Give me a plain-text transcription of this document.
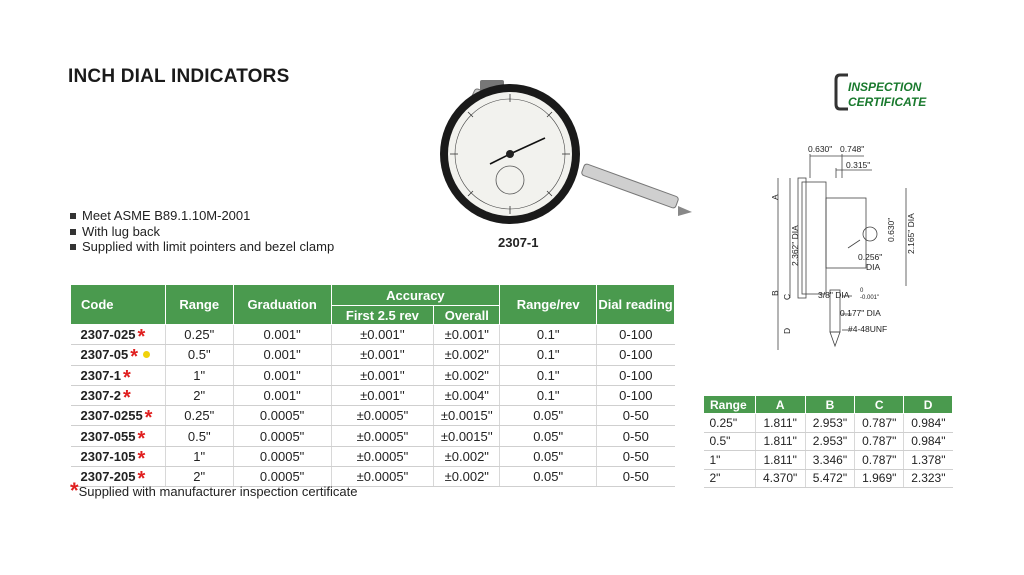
INCH DIAL INDICATORS	INSPECTION
CERTIFICATE
2307-1
Meet ASME B89.1.10M-2001
With lug back
Supplied with limit pointers and bezel clamp
Code	Range	Graduation	Accuracy		Range/rev	Dial reading
			First 2.5 rev	Overall		
2307-025 *	0.25"	0.001"	±0.001''	±0.001"	0.1"	0-100
2307-05 *	0.5"	0.001"	±0.001''	±0.002"	0.1"	0-100
2307-1 *	1"	0.001"	±0.001''	±0.002"	0.1"	0-100
2307-2 *	2"	0.001"	±0.001''	±0.004"	0.1"	0-100
2307-0255 *	0.25"	0.0005"	±0.0005"	±0.0015''	0.05"	0-50
2307-055 *	0.5"	0.0005"	±0.0005"	±0.0015''	0.05"	0-50
2307-105 *	1"	0.0005"	±0.0005"	±0.002"	0.05"	0-50
2307-205 *	2"	0.0005"	±0.0005"	±0.002"	0.05"	0-50
*Supplied with manufacturer inspection certificate
0.630" 0.748"
0.315"
A
B
C
D
2.362" DIA	2.165" DIA
0.630"
0.256"
DIA
3/8" DIA 0
-0.001"
0.177" DIA
#4-48UNF
Range	A	B	C	D
0.25"	1.811"	2.953"	0.787"	0.984"
0.5"	1.811"	2.953"	0.787"	0.984"
1"	1.811"	3.346"	0.787"	1.378"
2"	4.370"	5.472"	1.969"	2.323"
